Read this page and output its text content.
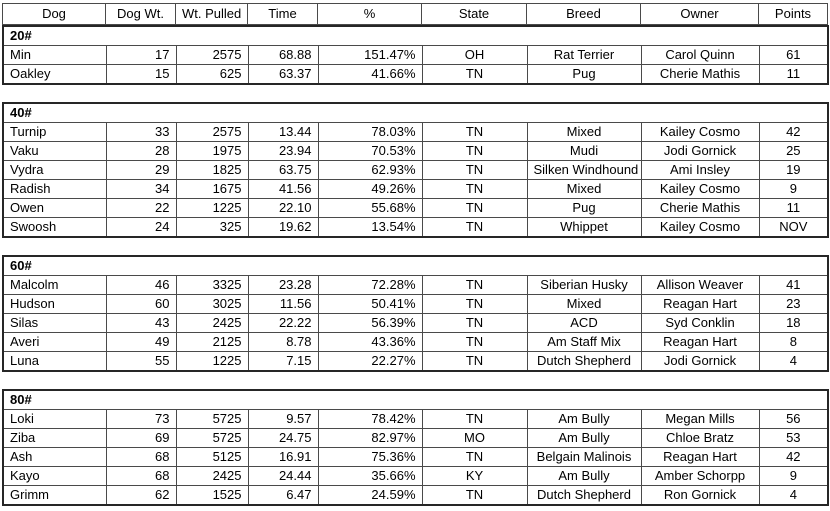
Dog	Dog Wt.	Wt. Pulled	Time	%	State	Breed	Owner	Points
20#								
Min	17	2575	68.88	151.47%	OH	Rat Terrier	Carol Quinn	61
Oakley	15	625	63.37	41.66%	TN	Pug	Cherie Mathis	11
40#								
Turnip	33	2575	13.44	78.03%	TN	Mixed	Kailey Cosmo	42
Vaku	28	1975	23.94	70.53%	TN	Mudi	Jodi Gornick	25
Vydra	29	1825	63.75	62.93%	TN	Silken Windhound	Ami Insley	19
Radish	34	1675	41.56	49.26%	TN	Mixed	Kailey Cosmo	9
Owen	22	1225	22.10	55.68%	TN	Pug	Cherie Mathis	11
Swoosh	24	325	19.62	13.54%	TN	Whippet	Kailey Cosmo	NOV
60#								
Malcolm	46	3325	23.28	72.28%	TN	Siberian Husky	Allison Weaver	41
Hudson	60	3025	11.56	50.41%	TN	Mixed	Reagan Hart	23
Silas	43	2425	22.22	56.39%	TN	ACD	Syd Conklin	18
Averi	49	2125	8.78	43.36%	TN	Am Staff Mix	Reagan Hart	8
Luna	55	1225	7.15	22.27%	TN	Dutch Shepherd	Jodi Gornick	4
80#								
Loki	73	5725	9.57	78.42%	TN	Am Bully	Megan Mills	56
Ziba	69	5725	24.75	82.97%	MO	Am Bully	Chloe Bratz	53
Ash	68	5125	16.91	75.36%	TN	Belgain Malinois	Reagan Hart	42
Kayo	68	2425	24.44	35.66%	KY	Am Bully	Amber Schorpp	9
Grimm	62	1525	6.47	24.59%	TN	Dutch Shepherd	Ron Gornick	4
